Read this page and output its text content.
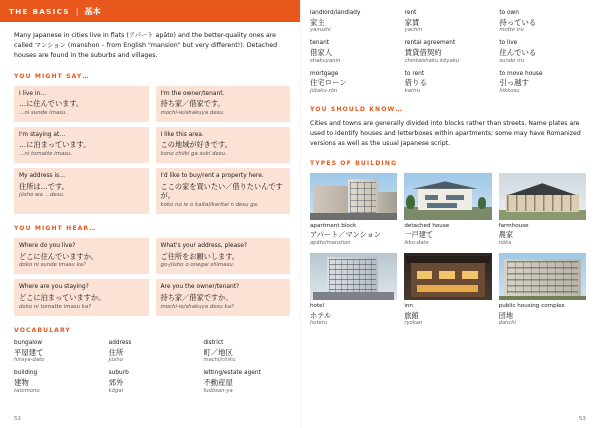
THE BASICS | 基本

Many Japanese in cities live in flats (アパート apāto) and the better-quality ones are called マンション (manshon – from English "mansion" but very different!). Detached houses are found in the suburbs and villages.

YOU MIGHT SAY…
I live in…
…に住んでいます。
…ni sunde imasu.
I'm the owner/tenant.
持ち家／借家です。
mochi-ie/shakuya desu.
I'm staying at…
…に泊まっています。
…ni tomatte imasu.
I like this area.
この地域が好きです。
kono chiiki ga suki desu.
My address is…
住所は…です。
jūsho wa …desu.
I'd like to buy/rent a property here.
ここの家を買いたい／借りたいんですが。
koko no ie o kaitai/karitai n desu ga.
YOU MIGHT HEAR…
Where do you live?
どこに住んでいますか。
doko ni sunde imasu ka?
What's your address, please?
ご住所をお願いします。
go-jūsho o onegai shimasu.
Where are you staying?
どこに泊まっていますか。
doko ni tomatte imasu ka?
Are you the owner/tenant?
持ち家／借家ですか。
mochi-ie/shakuya desu ka?
VOCABULARY
bungalow
平屋建て
hiraya-date
address
住所
jūsho
district
町／地区
machi/chiku
building
建物
tatemono
suburb
郊外
kōgai
letting/estate agent
不動産屋
fudōsan-ya
52
landlord/landlady
家主
yanushi
rent
家賃
yachin
to own
持っている
motte iru
tenant
借家人
shakuyanin
rental agreement
賃貸借契約
chintaishaku kēyaku
to live
住んでいる
sunde iru
mortgage
住宅ローン
jūtaku-rōn
to rent
借りる
kariru
to move house
引っ越す
hikkosu
YOU SHOULD KNOW…

Cities and towns are generally divided into blocks rather than streets. Name plates are used to identify houses and letterboxes within apartments; some may have Romanized versions as well as the usual Japanese script.

TYPES OF BUILDING
apartment block
アパート／マンション
apāto/manshon
detached house
一戸建て
ikko-date
farmhouse
農家
nōka
hotel
ホテル
hoteru
inn
旅館
ryokan
public housing complex
団地
danchi
53
